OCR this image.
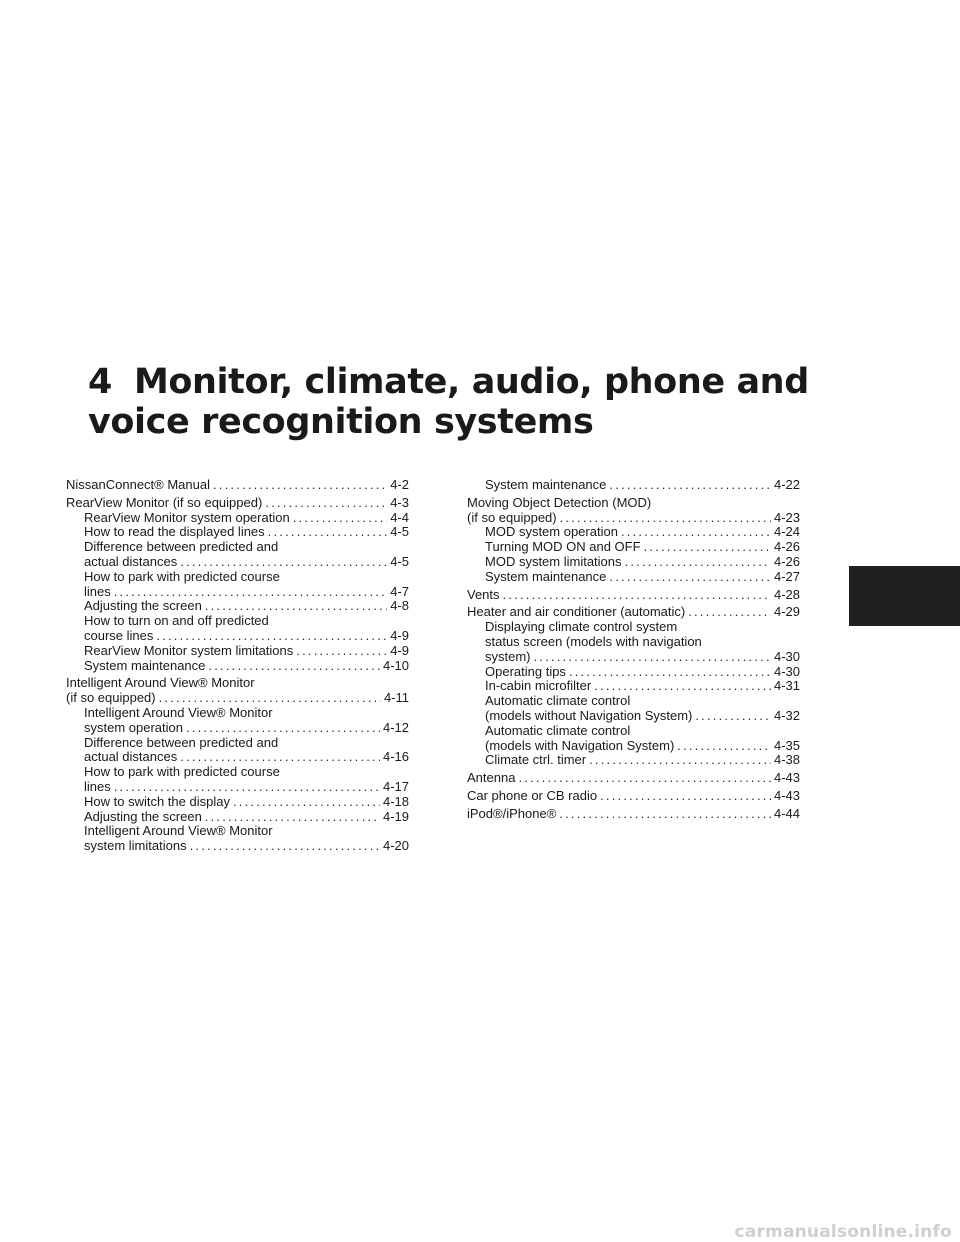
4 Monitor, climate, audio, phone and
voice recognition systems
NissanConnect® Manual .....	4-2
RearView Monitor (if so equipped) .....	4-3
RearView Monitor system operation .....	4-4
How to read the displayed lines .....	4-5
Difference between predicted and
actual distances .....	4-5
How to park with predicted course
lines .....	4-7
Adjusting the screen .....	4-8
How to turn on and off predicted
course lines .....	4-9
RearView Monitor system limitations .....	4-9
System maintenance .....	4-10
Intelligent Around View® Monitor
(if so equipped) .....	4-11
Intelligent Around View® Monitor
system operation .....	4-12
Difference between predicted and
actual distances .....	4-16
How to park with predicted course
lines .....	4-17
How to switch the display .....	4-18
Adjusting the screen .....	4-19
Intelligent Around View® Monitor
system limitations .....	4-20
System maintenance .....	4-22
Moving Object Detection (MOD)
(if so equipped) .....	4-23
MOD system operation .....	4-24
Turning MOD ON and OFF .....	4-26
MOD system limitations .....	4-26
System maintenance .....	4-27
Vents .....	4-28
Heater and air conditioner (automatic) .....	4-29
Displaying climate control system
status screen (models with navigation
system) .....	4-30
Operating tips .....	4-30
In-cabin microfilter .....	4-31
Automatic climate control
(models without Navigation System) .....	4-32
Automatic climate control
(models with Navigation System) .....	4-35
Climate ctrl. timer .....	4-38
Antenna .....	4-43
Car phone or CB radio .....	4-43
iPod®/iPhone® .....	4-44
carmanualsonline.info
